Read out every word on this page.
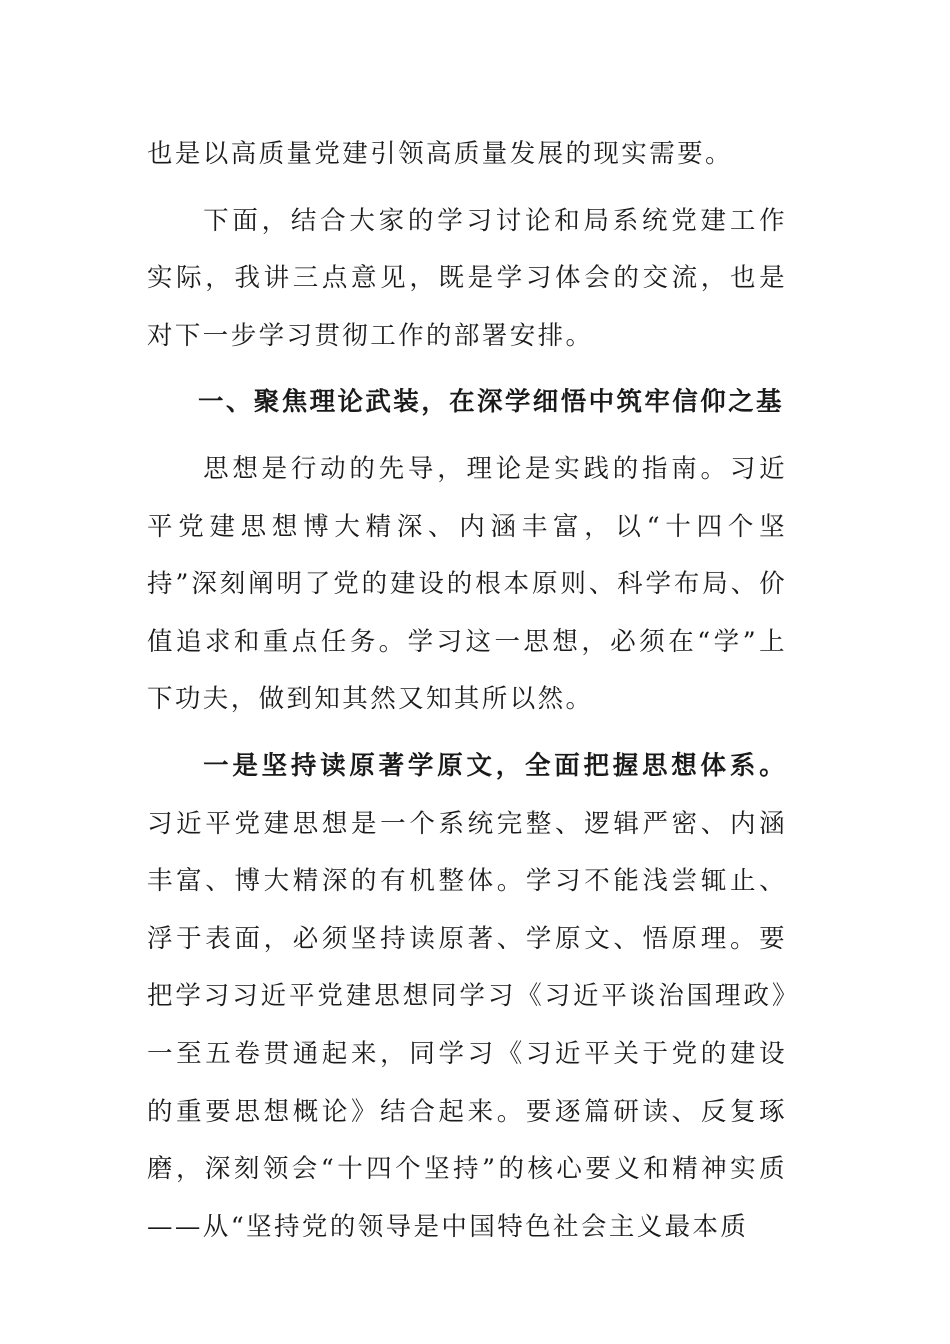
也是以高质量党建引领高质量发展的现实需要。

下面，结合大家的学习讨论和局系统党建工作实际，我讲三点意见，既是学习体会的交流，也是对下一步学习贯彻工作的部署安排。

一、聚焦理论武装，在深学细悟中筑牢信仰之基

思想是行动的先导，理论是实践的指南。习近平党建思想博大精深、内涵丰富，以“十四个坚持”深刻阐明了党的建设的根本原则、科学布局、价值追求和重点任务。学习这一思想，必须在“学”上下功夫，做到知其然又知其所以然。

一是坚持读原著学原文，全面把握思想体系。习近平党建思想是一个系统完整、逻辑严密、内涵丰富、博大精深的有机整体。学习不能浅尝辄止、浮于表面，必须坚持读原著、学原文、悟原理。要把学习习近平党建思想同学习《习近平谈治国理政》一至五卷贯通起来，同学习《习近平关于党的建设的重要思想概论》结合起来。要逐篇研读、反复琢磨，深刻领会“十四个坚持”的核心要义和精神实质——从“坚持党的领导是中国特色社会主义最本质
